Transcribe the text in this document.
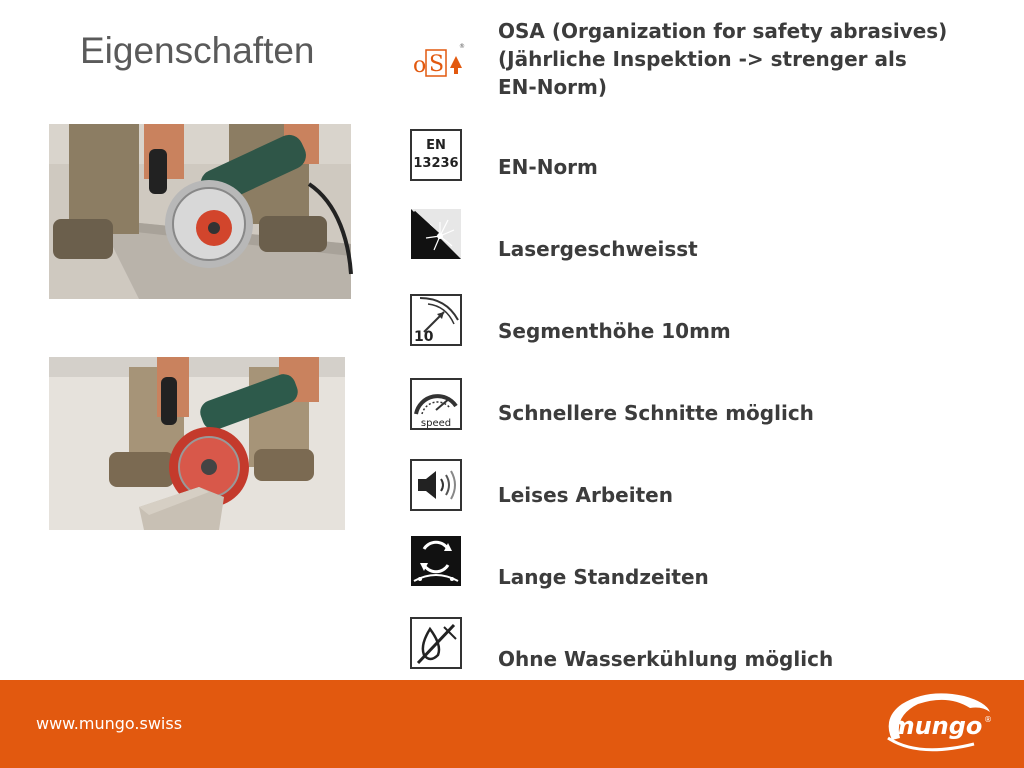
Eigenschaften	o S
®
EN
13236
10
speed
OSA (Organization for safety abrasives) (Jährliche Inspektion -> strenger als EN-Norm)
EN-Norm
Lasergeschweisst
Segmenthöhe 10mm
Schnellere Schnitte möglich
Leises Arbeiten
Lange Standzeiten
Ohne Wasserkühlung möglich
www.mungo.swiss	mungo ®
